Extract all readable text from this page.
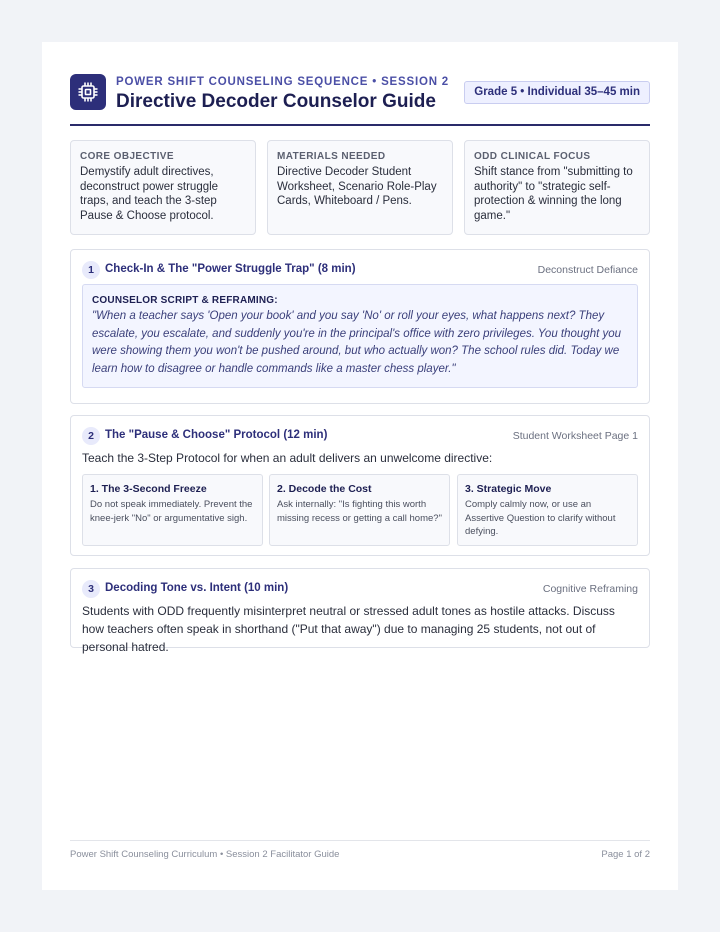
POWER SHIFT COUNSELING SEQUENCE • SESSION 2
Directive Decoder Counselor Guide	Grade 5 • Individual 35–45 min
CORE OBJECTIVE
Demystify adult directives, deconstruct power struggle traps, and teach the 3-step Pause & Choose protocol.
MATERIALS NEEDED
Directive Decoder Student Worksheet, Scenario Role-Play Cards, Whiteboard / Pens.
ODD CLINICAL FOCUS
Shift stance from "submitting to authority" to "strategic self-protection & winning the long game."
1 Check-In & The "Power Struggle Trap" (8 min)	Deconstruct Defiance
COUNSELOR SCRIPT & REFRAMING:
"When a teacher says 'Open your book' and you say 'No' or roll your eyes, what happens next? They escalate, you escalate, and suddenly you're in the principal's office with zero privileges. You thought you were showing them you won't be pushed around, but who actually won? The school rules did. Today we learn how to disagree or handle commands like a master chess player."
2 The "Pause & Choose" Protocol (12 min)	Student Worksheet Page 1
Teach the 3-Step Protocol for when an adult delivers an unwelcome directive:
1. The 3-Second Freeze
Do not speak immediately. Prevent the knee-jerk "No" or argumentative sigh.
2. Decode the Cost
Ask internally: "Is fighting this worth missing recess or getting a call home?"
3. Strategic Move
Comply calmly now, or use an Assertive Question to clarify without defying.
3 Decoding Tone vs. Intent (10 min)	Cognitive Reframing
Students with ODD frequently misinterpret neutral or stressed adult tones as hostile attacks. Discuss how teachers often speak in shorthand ("Put that away") due to managing 25 students, not out of personal hatred.
Power Shift Counseling Curriculum • Session 2 Facilitator Guide	Page 1 of 2
